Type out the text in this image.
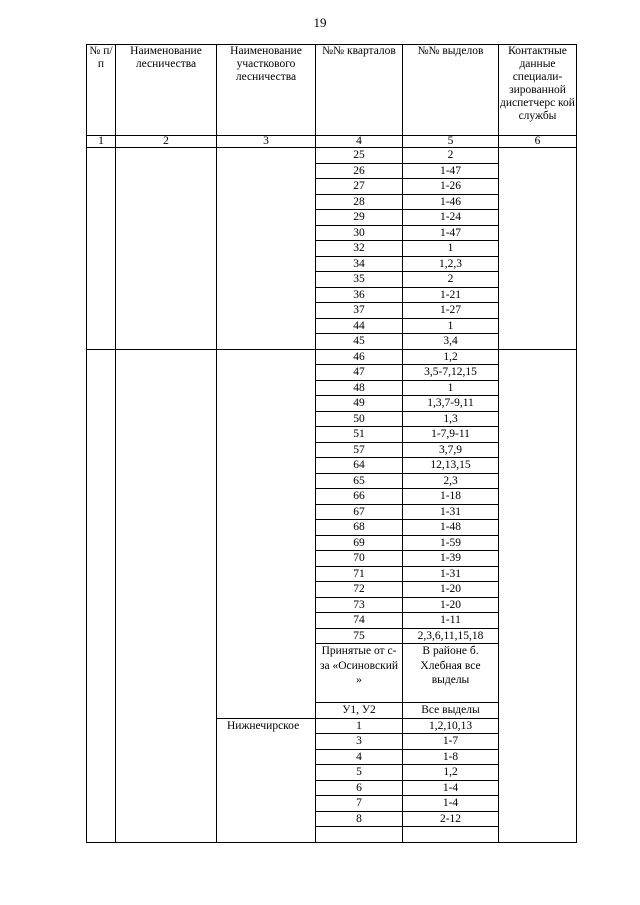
19
№ п/п	Наименование лесничества	Наименование участкового лесничества	№№ кварталов	№№ выделов	Контактные данные специали-зированной диспетчерс кой службы
1	2	3	4	5	6
			25	2	
			26	1-47	
			27	1-26	
			28	1-46	
			29	1-24	
			30	1-47	
			32	1	
			34	1,2,3	
			35	2	
			36	1-21	
			37	1-27	
			44	1	
			45	3,4	
			46	1,2	
			47	3,5-7,12,15	
			48	1	
			49	1,3,7-9,11	
			50	1,3	
			51	1-7,9-11	
			57	3,7,9	
			64	12,13,15	
			65	2,3	
			66	1-18	
			67	1-31	
			68	1-48	
			69	1-59	
			70	1-39	
			71	1-31	
			72	1-20	
			73	1-20	
			74	1-11	
			75	2,3,6,11,15,18	
			Принятые от с-за «Осиновский »	В районе б. Хлебная все выделы	
			У1, У2	Все выделы	
		Нижнечирское	1	1,2,10,13	
			3	1-7	
			4	1-8	
			5	1,2	
			6	1-4	
			7	1-4	
			8	2-12	
